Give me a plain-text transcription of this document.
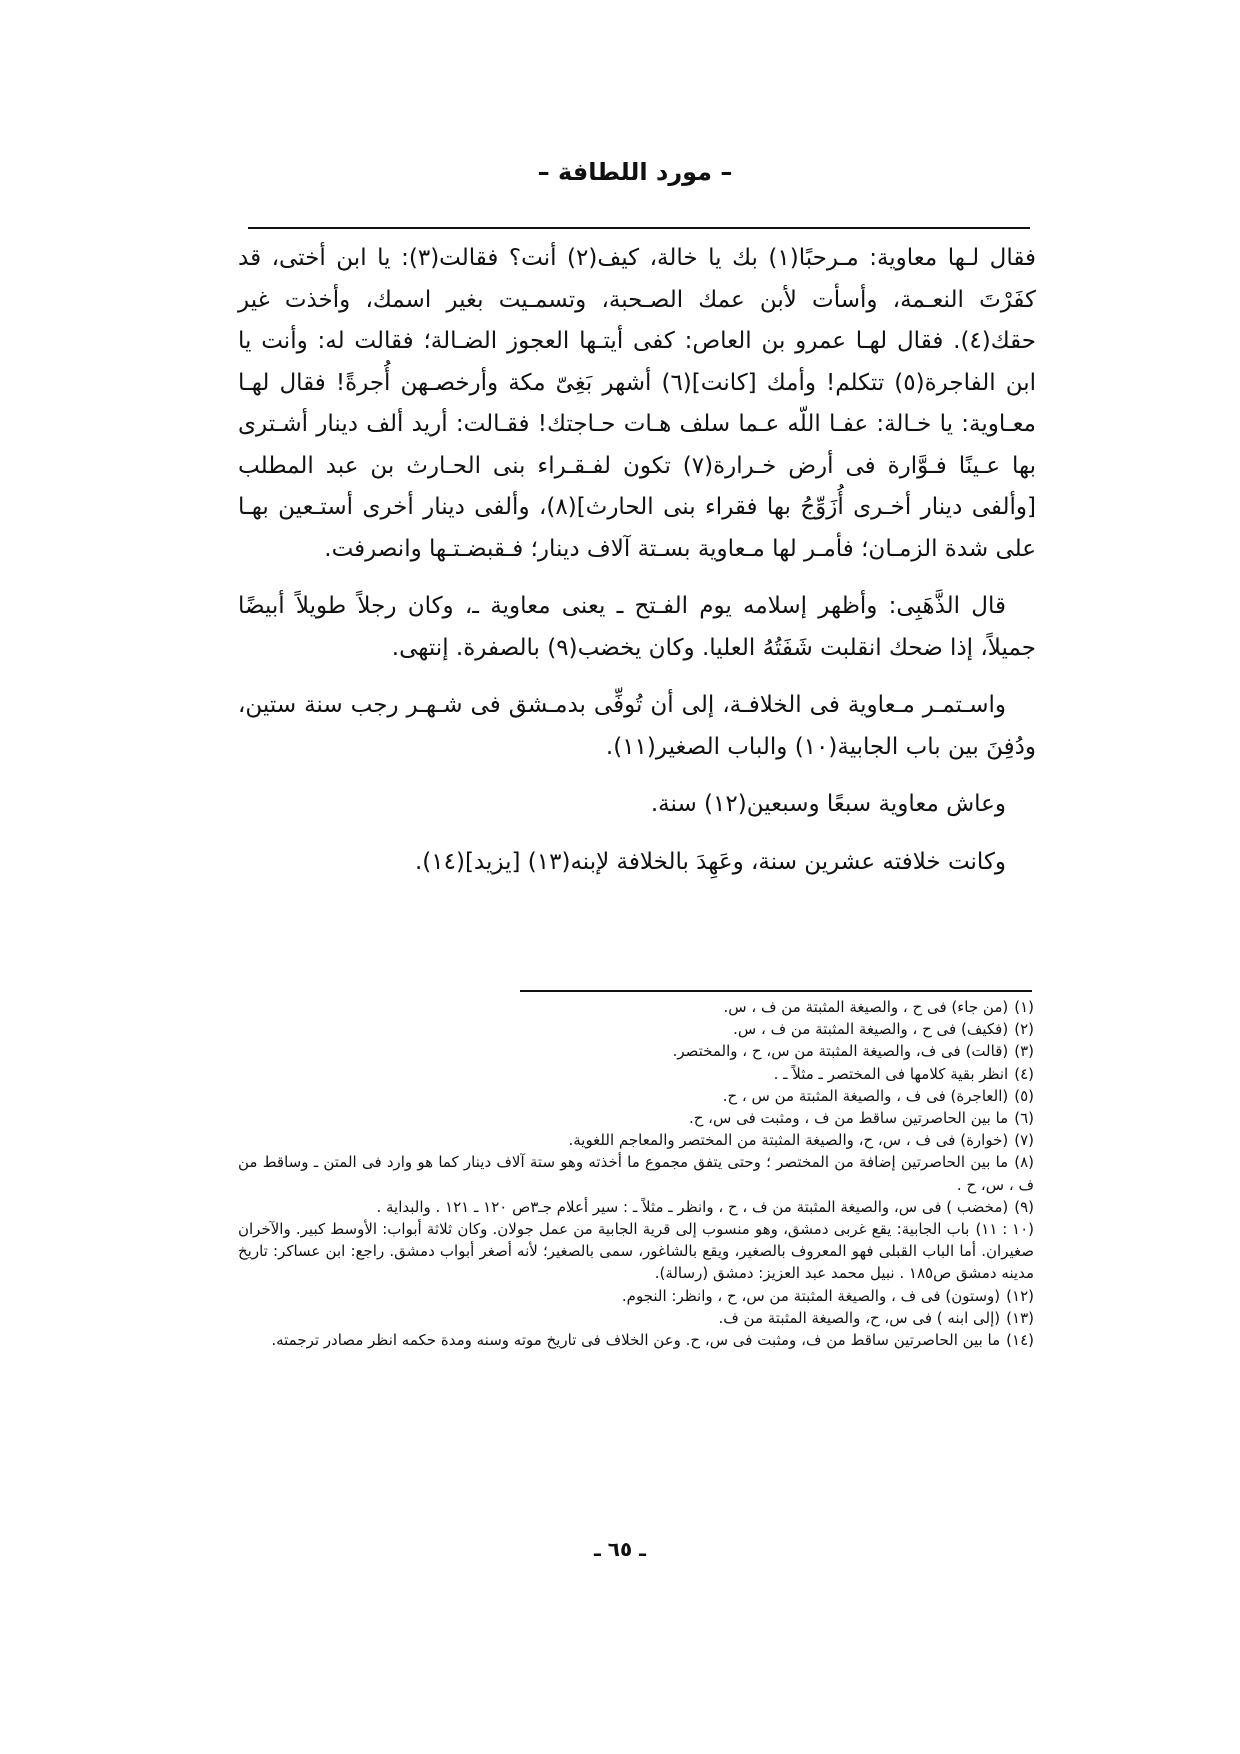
– مورد اللطافة –

فقال لـها معاوية: مـرحبًا(١) بك يا خالة، كيف(٢) أنت؟ فقالت(٣): يا ابن أختى، قد كفَرْتَ النعـمة، وأسأت لأبن عمك الصـحبة، وتسمـيت بغير اسمك، وأخذت غير حقك(٤). فقال لهـا عمرو بن العاص: كفى أيتـها العجوز الضـالة؛ فقالت له: وأنت يا ابن الفاجرة(٥) تتكلم! وأمك [كانت](٦) أشهر بَغِىّ مكة وأرخصـهن أُجرةً! فقال لهـا معـاوية: يا خـالة: عفـا اللّه عـما سلف هـات حـاجتك! فقـالت: أريد ألف دينار أشـترى بها عـينًا فـوَّارة فى أرض خـرارة(٧) تكون لفـقـراء بنى الحـارث بن عبد المطلب [وألفى دينار أخـرى أُزَوِّجُ بها فقراء بنى الحارث](٨)، وألفى دينار أخرى أستـعين بهـا على شدة الزمـان؛ فأمـر لها مـعاوية بسـتة آلاف دينار؛ فـقبضـتـها وانصرفت.

قال الذَّهَبِى: وأظهر إسلامه يوم الفـتح ـ يعنى معاوية ـ، وكان رجلاً طويلاً أبيضًا جميلاً، إذا ضحك انقلبت شَفَتُهُ العليا. وكان يخضب(٩) بالصفرة. إنتهى.

واسـتمـر مـعاوية فى الخلافـة، إلى أن تُوفِّى بدمـشق فى شـهـر رجب سنة ستين، ودُفِنَ بين باب الجابية(١٠) والباب الصغير(١١).

وعاش معاوية سبعًا وسبعين(١٢) سنة.

وكانت خلافته عشرين سنة، وعَهِدَ بالخلافة لإبنه(١٣) [يزيد](١٤).

(١)(من جاء) فى ح ، والصيغة المثبتة من ف ، س.
(٢)(فكيف) فى ح ، والصيغة المثبتة من ف ، س.
(٣)(قالت) فى ف، والصيغة المثبتة من س، ح ، والمختصر.
(٤)انظر بقية كلامها فى المختصر ـ مثلاً ـ .
(٥)(العاجرة) فى ف ، والصيغة المثبتة من س ، ح.
(٦)ما بين الحاصرتين ساقط من ف ، ومثبت فى س، ح.
(٧)(خوارة) فى ف ، س، ح، والصيغة المثبتة من المختصر والمعاجم اللغوية.
(٨)ما بين الحاصرتين إضافة من المختصر ؛ وحتى يتفق مجموع ما أخذته وهو ستة آلاف دينار كما هو وارد فى المتن ـ وساقط من ف ، س، ح .
(٩)(مخضب ) فى س، والصيغة المثبتة من ف ، ح ، وانظر ـ مثلاً ـ : سير أعلام جـ٣ص ١٢٠ ـ ١٢١ . والبداية .
(١٠ : ١١)باب الجابية: يقع غربى دمشق، وهو منسوب إلى قرية الجابية من عمل جولان. وكان ثلاثة أبواب: الأوسط كبير. والآخران صغيران. أما الباب القبلى فهو المعروف بالصغير، ويقع بالشاغور، سمى بالصغير؛ لأنه أصغر أبواب دمشق. راجع: ابن عساكر: تاريخ مدينه دمشق ص١٨٥ . نبيل محمد عبد العزيز: دمشق (رسالة).
(١٢)(وستون) فى ف ، والصيغة المثبتة من س، ح ، وانظر: النجوم.
(١٣)(إلى ابنه ) فى س، ح، والصيغة المثبتة من ف.
(١٤)ما بين الحاصرتين ساقط من ف، ومثبت فى س، ح. وعن الخلاف فى تاريخ موته وسنه ومدة حكمه انظر مصادر ترجمته.
ـ ٦٥ ـ
